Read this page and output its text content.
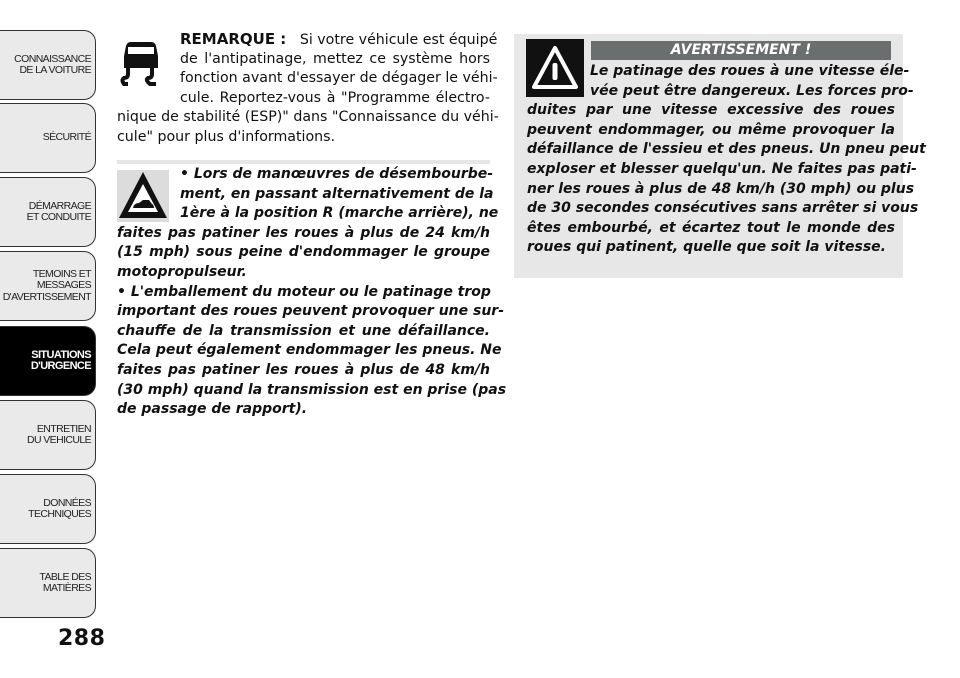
CONNAISSANCE
DE LA VOITURE
SÉCURITÉ
DÉMARRAGE
ET CONDUITE
TEMOINS ET
MESSAGES
D'AVERTISSEMENT
SITUATIONS
D'URGENCE
ENTRETIEN
DU VEHICULE
DONNÉES
TECHNIQUES
TABLE DES
MATIÈRES
288
REMARQUE : Si votre véhicule est équipé
de l'antipatinage, mettez ce système hors
fonction avant d'essayer de dégager le véhi-
cule. Reportez-vous à "Programme électro-
nique de stabilité (ESP)" dans "Connaissance du véhi-
cule" pour plus d'informations.
• Lors de manœuvres de désembourbe-
ment, en passant alternativement de la
1ère à la position R (marche arrière), ne
faites pas patiner les roues à plus de 24 km/h
(15 mph) sous peine d'endommager le groupe
motopropulseur.
• L'emballement du moteur ou le patinage trop
important des roues peuvent provoquer une sur-
chauffe de la transmission et une défaillance.
Cela peut également endommager les pneus. Ne
faites pas patiner les roues à plus de 48 km/h
(30 mph) quand la transmission est en prise (pas
de passage de rapport).
AVERTISSEMENT !
Le patinage des roues à une vitesse éle-
vée peut être dangereux. Les forces pro-
duites par une vitesse excessive des roues
peuvent endommager, ou même provoquer la
défaillance de l'essieu et des pneus. Un pneu peut
exploser et blesser quelqu'un. Ne faites pas pati-
ner les roues à plus de 48 km/h (30 mph) ou plus
de 30 secondes consécutives sans arrêter si vous
êtes embourbé, et écartez tout le monde des
roues qui patinent, quelle que soit la vitesse.
